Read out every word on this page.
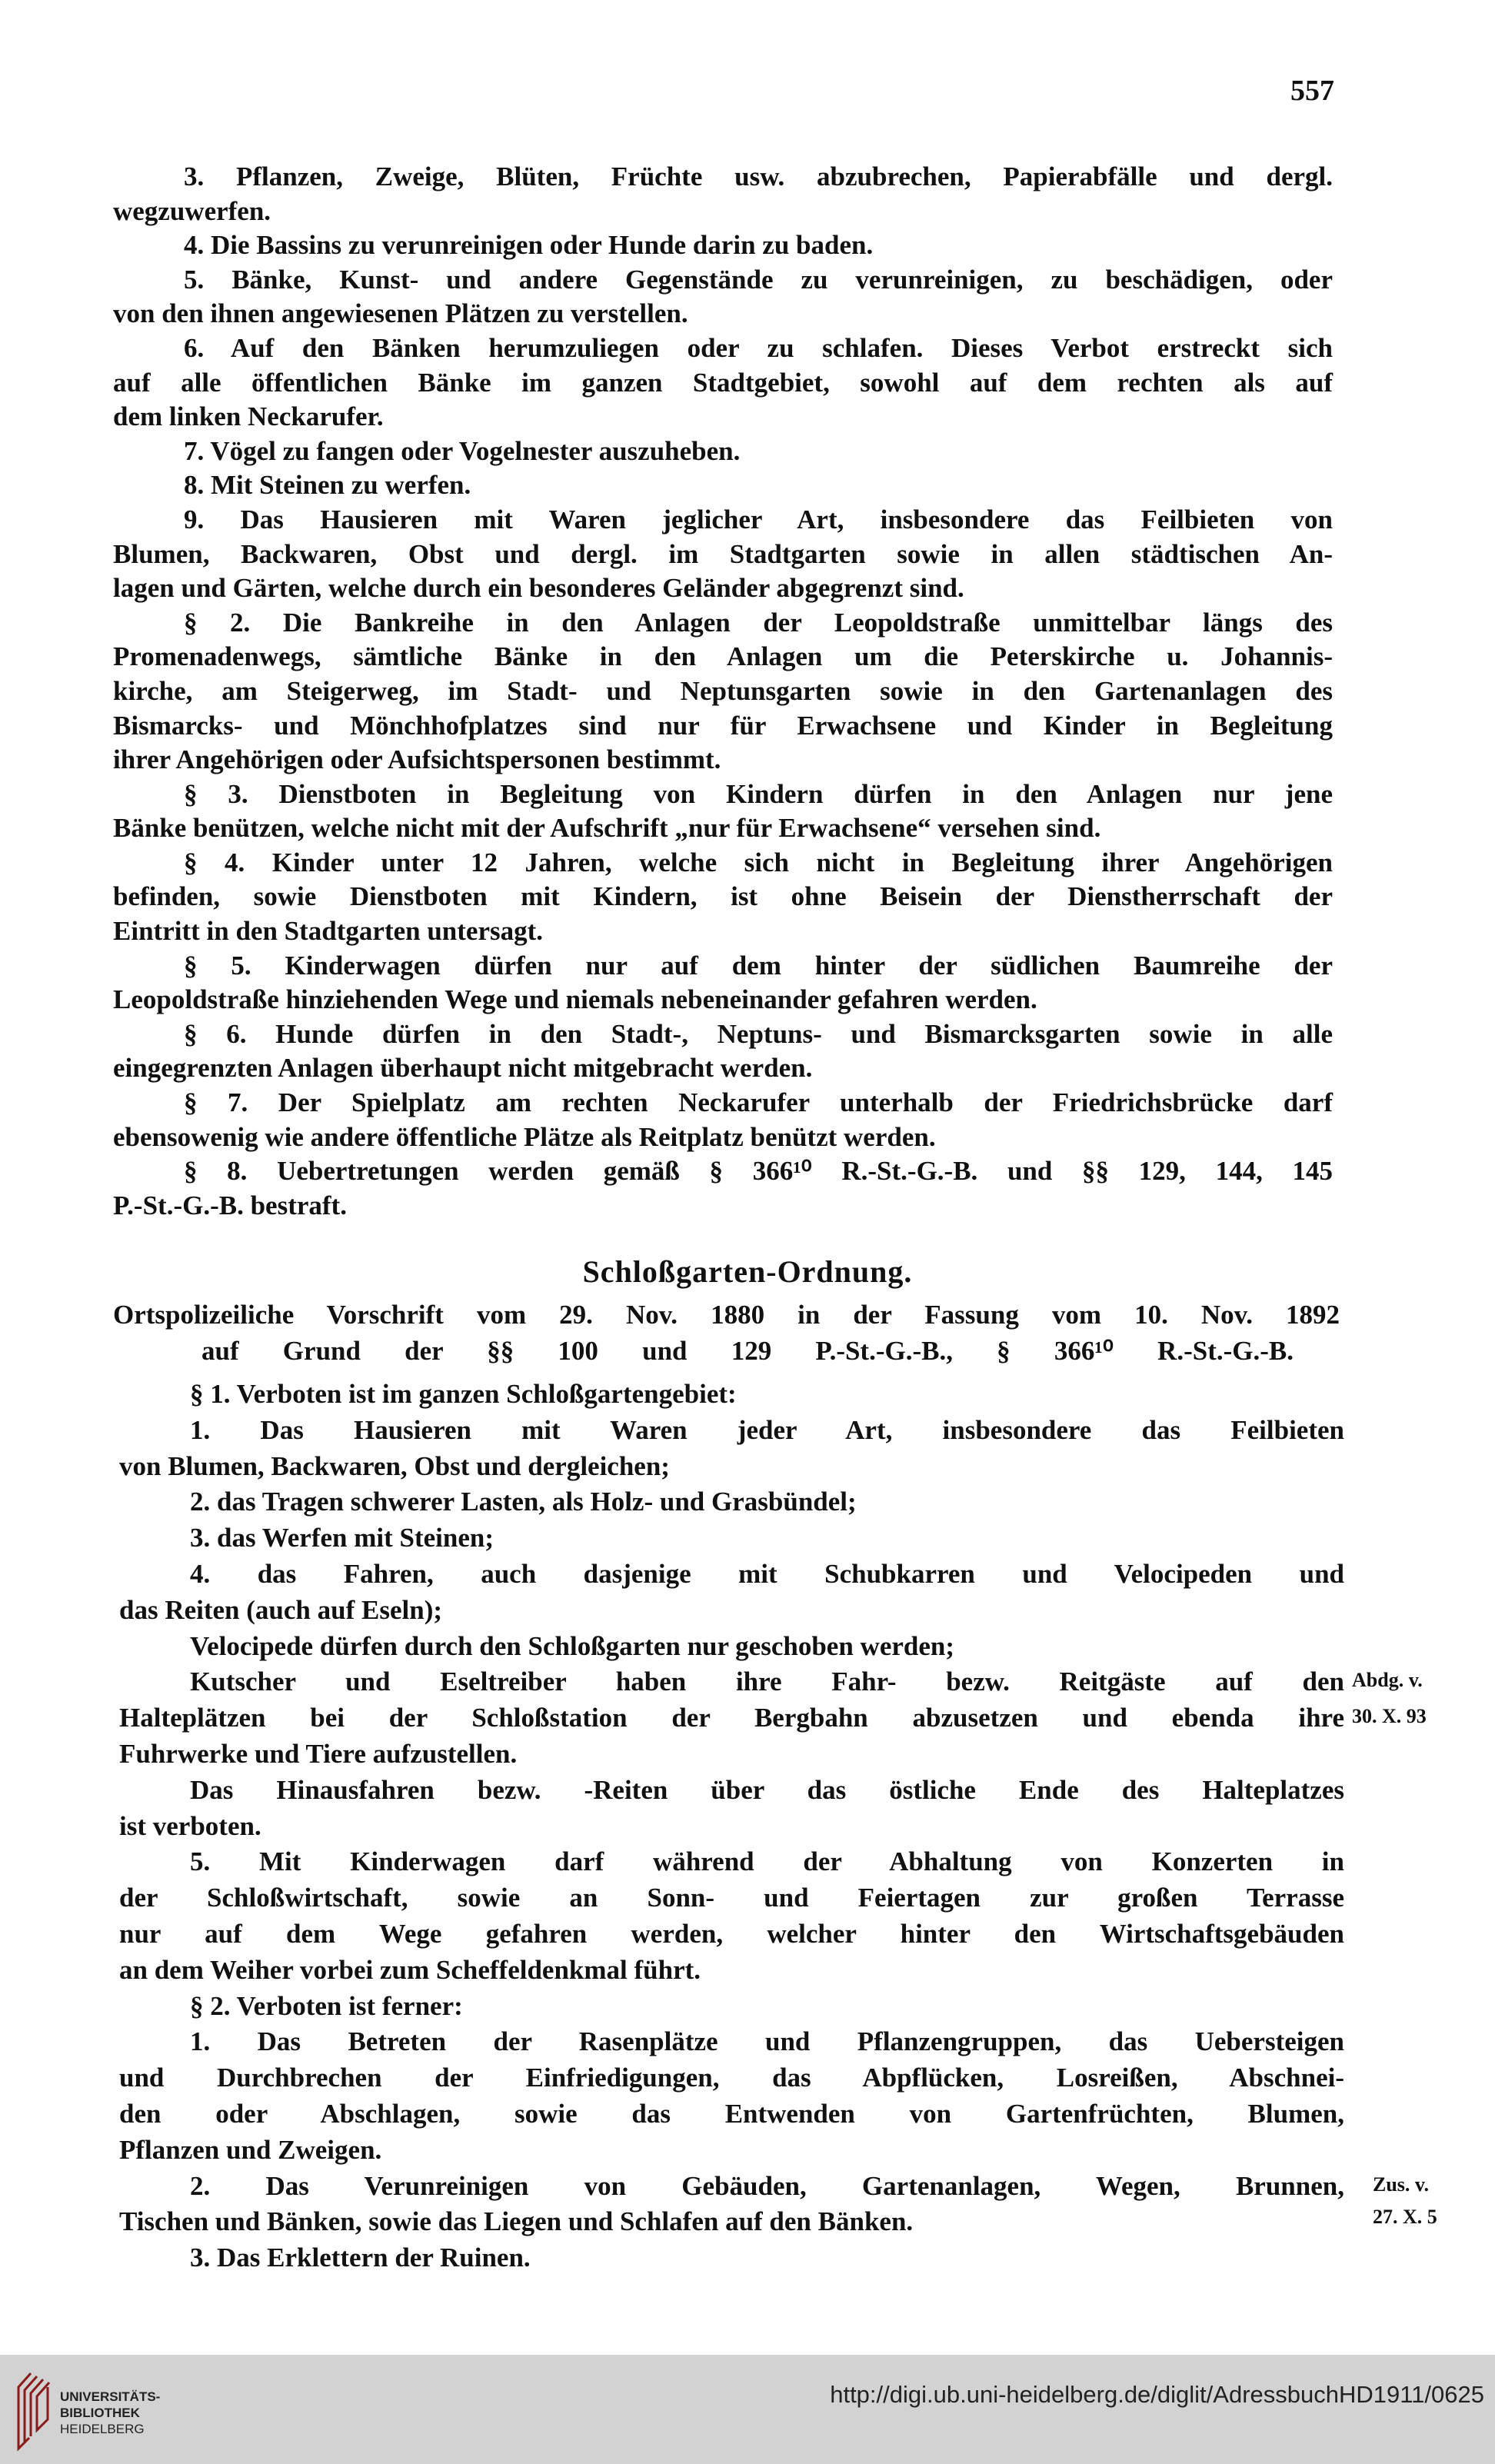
557
3. Pflanzen, Zweige, Blüten, Früchte usw. abzubrechen, Papierabfälle und dergl.
wegzuwerfen.
4. Die Bassins zu verunreinigen oder Hunde darin zu baden.
5. Bänke, Kunst- und andere Gegenstände zu verunreinigen, zu beschädigen, oder
von den ihnen angewiesenen Plätzen zu verstellen.
6. Auf den Bänken herumzuliegen oder zu schlafen. Dieses Verbot erstreckt sich
auf alle öffentlichen Bänke im ganzen Stadtgebiet, sowohl auf dem rechten als auf
dem linken Neckarufer.
7. Vögel zu fangen oder Vogelnester auszuheben.
8. Mit Steinen zu werfen.
9. Das Hausieren mit Waren jeglicher Art, insbesondere das Feilbieten von
Blumen, Backwaren, Obst und dergl. im Stadtgarten sowie in allen städtischen An-
lagen und Gärten, welche durch ein besonderes Geländer abgegrenzt sind.
§ 2. Die Bankreihe in den Anlagen der Leopoldstraße unmittelbar längs des
Promenadenwegs, sämtliche Bänke in den Anlagen um die Peterskirche u. Johannis-
kirche, am Steigerweg, im Stadt- und Neptunsgarten sowie in den Gartenanlagen des
Bismarcks- und Mönchhofplatzes sind nur für Erwachsene und Kinder in Begleitung
ihrer Angehörigen oder Aufsichtspersonen bestimmt.
§ 3. Dienstboten in Begleitung von Kindern dürfen in den Anlagen nur jene
Bänke benützen, welche nicht mit der Aufschrift „nur für Erwachsene“ versehen sind.
§ 4. Kinder unter 12 Jahren, welche sich nicht in Begleitung ihrer Angehörigen
befinden, sowie Dienstboten mit Kindern, ist ohne Beisein der Dienstherrschaft der
Eintritt in den Stadtgarten untersagt.
§ 5. Kinderwagen dürfen nur auf dem hinter der südlichen Baumreihe der
Leopoldstraße hinziehenden Wege und niemals nebeneinander gefahren werden.
§ 6. Hunde dürfen in den Stadt-, Neptuns- und Bismarcksgarten sowie in alle
eingegrenzten Anlagen überhaupt nicht mitgebracht werden.
§ 7. Der Spielplatz am rechten Neckarufer unterhalb der Friedrichsbrücke darf
ebensowenig wie andere öffentliche Plätze als Reitplatz benützt werden.
§ 8. Uebertretungen werden gemäß § 366¹⁰ R.-St.-G.-B. und §§ 129, 144, 145
P.-St.-G.-B. bestraft.
Schloßgarten-Ordnung.
Ortspolizeiliche Vorschrift vom 29. Nov. 1880 in der Fassung vom 10. Nov. 1892
auf Grund der §§ 100 und 129 P.-St.-G.-B., § 366¹⁰ R.-St.-G.-B.
§ 1. Verboten ist im ganzen Schloßgartengebiet:
1. Das Hausieren mit Waren jeder Art, insbesondere das Feilbieten
von Blumen, Backwaren, Obst und dergleichen;
2. das Tragen schwerer Lasten, als Holz- und Grasbündel;
3. das Werfen mit Steinen;
4. das Fahren, auch dasjenige mit Schubkarren und Velocipeden und
das Reiten (auch auf Eseln);
Velocipede dürfen durch den Schloßgarten nur geschoben werden;
Kutscher und Eseltreiber haben ihre Fahr- bezw. Reitgäste auf den
Halteplätzen bei der Schloßstation der Bergbahn abzusetzen und ebenda ihre
Fuhrwerke und Tiere aufzustellen.
Das Hinausfahren bezw. -Reiten über das östliche Ende des Halteplatzes
ist verboten.
5. Mit Kinderwagen darf während der Abhaltung von Konzerten in
der Schloßwirtschaft, sowie an Sonn- und Feiertagen zur großen Terrasse
nur auf dem Wege gefahren werden, welcher hinter den Wirtschaftsgebäuden
an dem Weiher vorbei zum Scheffeldenkmal führt.
§ 2. Verboten ist ferner:
1. Das Betreten der Rasenplätze und Pflanzengruppen, das Uebersteigen
und Durchbrechen der Einfriedigungen, das Abpflücken, Losreißen, Abschnei-
den oder Abschlagen, sowie das Entwenden von Gartenfrüchten, Blumen,
Pflanzen und Zweigen.
2. Das Verunreinigen von Gebäuden, Gartenanlagen, Wegen, Brunnen,
Tischen und Bänken, sowie das Liegen und Schlafen auf den Bänken.
3. Das Erklettern der Ruinen.
Abdg. v.
30. X. 93
Zus. v.
27. X. 5
UNIVERSITÄTS-
BIBLIOTHEK
HEIDELBERG
http://digi.ub.uni-heidelberg.de/diglit/AdressbuchHD1911/0625
